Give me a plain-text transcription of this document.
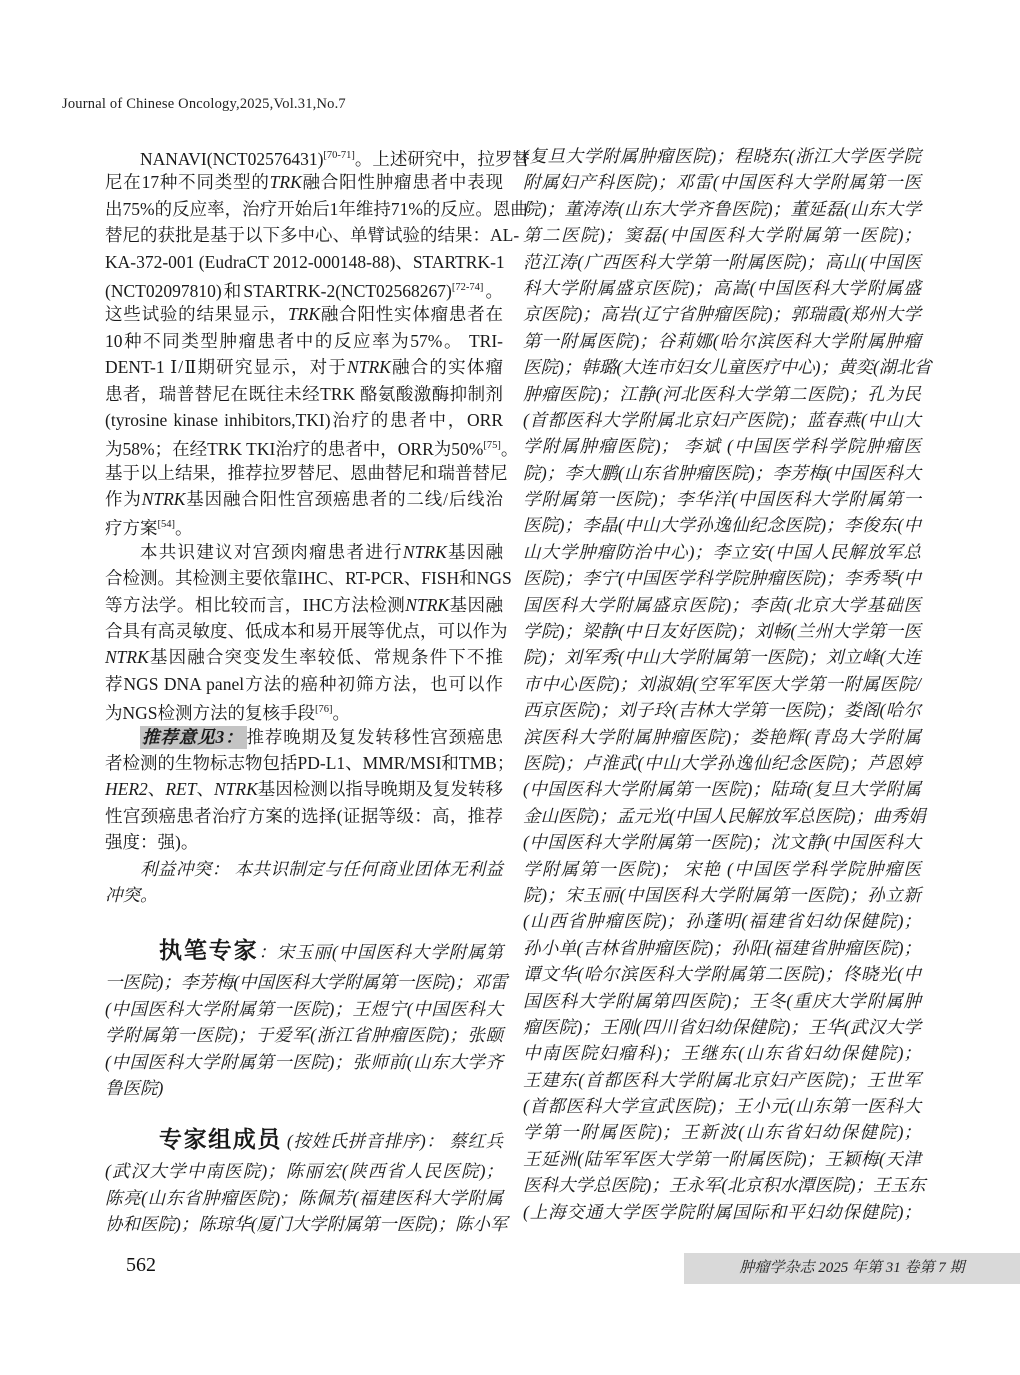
Journal of Chinese Oncology,2025,Vol.31,No.7
NANAVI(NCT02576431)[70-71]。上述研究中，拉罗替
尼在17种不同类型的TRK融合阳性肿瘤患者中表现
出75%的反应率，治疗开始后1年维持71%的反应。恩曲
替尼的获批是基于以下多中心、单臂试验的结果：AL-
KA-372-001 (EudraCT 2012-000148-88)、STARTRK-1
(NCT02097810)和STARTRK-2(NCT02568267)[72-74]。
这些试验的结果显示，TRK融合阳性实体瘤患者在
10种不同类型肿瘤患者中的反应率为57%。 TRI-
DENT-1 Ⅰ/Ⅱ期研究显示，对于NTRK融合的实体瘤
患者，瑞普替尼在既往未经TRK 酪氨酸激酶抑制剂
(tyrosine kinase inhibitors,TKI)治疗的患者中，ORR
为58%；在经TRK TKI治疗的患者中，ORR为50%[75]。
基于以上结果，推荐拉罗替尼、恩曲替尼和瑞普替尼
作为NTRK基因融合阳性宫颈癌患者的二线/后线治
疗方案[54]。
本共识建议对宫颈肉瘤患者进行NTRK基因融
合检测。其检测主要依靠IHC、RT-PCR、FISH和NGS
等方法学。相比较而言，IHC方法检测NTRK基因融
合具有高灵敏度、低成本和易开展等优点，可以作为
NTRK基因融合突变发生率较低、常规条件下不推
荐NGS DNA panel方法的癌种初筛方法，也可以作
为NGS检测方法的复核手段[76]。
推荐意见3： 推荐晚期及复发转移性宫颈癌患
者检测的生物标志物包括PD-L1、MMR/MSI和TMB；
HER2、RET、NTRK基因检测以指导晚期及复发转移
性宫颈癌患者治疗方案的选择(证据等级：高，推荐
强度：强)。
利益冲突： 本共识制定与任何商业团体无利益
冲突。
执笔专家：宋玉丽(中国医科大学附属第
一医院)；李芳梅(中国医科大学附属第一医院)；邓雷
(中国医科大学附属第一医院)；王煜宁(中国医科大
学附属第一医院)；于爱军(浙江省肿瘤医院)；张颐
(中国医科大学附属第一医院)；张师前(山东大学齐
鲁医院)
专家组成员 (按姓氏拼音排序)： 蔡红兵
(武汉大学中南医院)；陈丽宏(陕西省人民医院)；
陈亮(山东省肿瘤医院)；陈佩芳(福建医科大学附属
协和医院)；陈琼华(厦门大学附属第一医院)；陈小军
(复旦大学附属肿瘤医院)；程晓东(浙江大学医学院
附属妇产科医院)；邓雷(中国医科大学附属第一医
院)；董涛涛(山东大学齐鲁医院)；董延磊(山东大学
第二医院)；窦磊(中国医科大学附属第一医院)；
范江涛(广西医科大学第一附属医院)；高山(中国医
科大学附属盛京医院)；高嵩(中国医科大学附属盛
京医院)；高岩(辽宁省肿瘤医院)；郭瑞霞(郑州大学
第一附属医院)；谷莉娜(哈尔滨医科大学附属肿瘤
医院)；韩璐(大连市妇女儿童医疗中心)；黄奕(湖北省
肿瘤医院)；江静(河北医科大学第二医院)；孔为民
(首都医科大学附属北京妇产医院)；蓝春燕(中山大
学附属肿瘤医院)； 李斌 (中国医学科学院肿瘤医
院)；李大鹏(山东省肿瘤医院)；李芳梅(中国医科大
学附属第一医院)；李华洋(中国医科大学附属第一
医院)；李晶(中山大学孙逸仙纪念医院)；李俊东(中
山大学肿瘤防治中心)；李立安(中国人民解放军总
医院)；李宁(中国医学科学院肿瘤医院)；李秀琴(中
国医科大学附属盛京医院)；李茵(北京大学基础医
学院)；梁静(中日友好医院)；刘畅(兰州大学第一医
院)；刘军秀(中山大学附属第一医院)；刘立峰(大连
市中心医院)；刘淑娟(空军军医大学第一附属医院/
西京医院)；刘子玲(吉林大学第一医院)；娄阁(哈尔
滨医科大学附属肿瘤医院)；娄艳辉(青岛大学附属
医院)；卢淮武(中山大学孙逸仙纪念医院)；芦恩婷
(中国医科大学附属第一医院)；陆琦(复旦大学附属
金山医院)；孟元光(中国人民解放军总医院)；曲秀娟
(中国医科大学附属第一医院)；沈文静(中国医科大
学附属第一医院)； 宋艳 (中国医学科学院肿瘤医
院)；宋玉丽(中国医科大学附属第一医院)；孙立新
(山西省肿瘤医院)；孙蓬明(福建省妇幼保健院)；
孙小单(吉林省肿瘤医院)；孙阳(福建省肿瘤医院)；
谭文华(哈尔滨医科大学附属第二医院)；佟晓光(中
国医科大学附属第四医院)；王冬(重庆大学附属肿
瘤医院)；王刚(四川省妇幼保健院)；王华(武汉大学
中南医院妇瘤科)；王继东(山东省妇幼保健院)；
王建东(首都医科大学附属北京妇产医院)；王世军
(首都医科大学宣武医院)；王小元(山东第一医科大
学第一附属医院)；王新波(山东省妇幼保健院)；
王延洲(陆军军医大学第一附属医院)；王颖梅(天津
医科大学总医院)；王永军(北京积水潭医院)；王玉东
(上海交通大学医学院附属国际和平妇幼保健院)；
562	肿瘤学杂志 2025 年第 31 卷第 7 期
